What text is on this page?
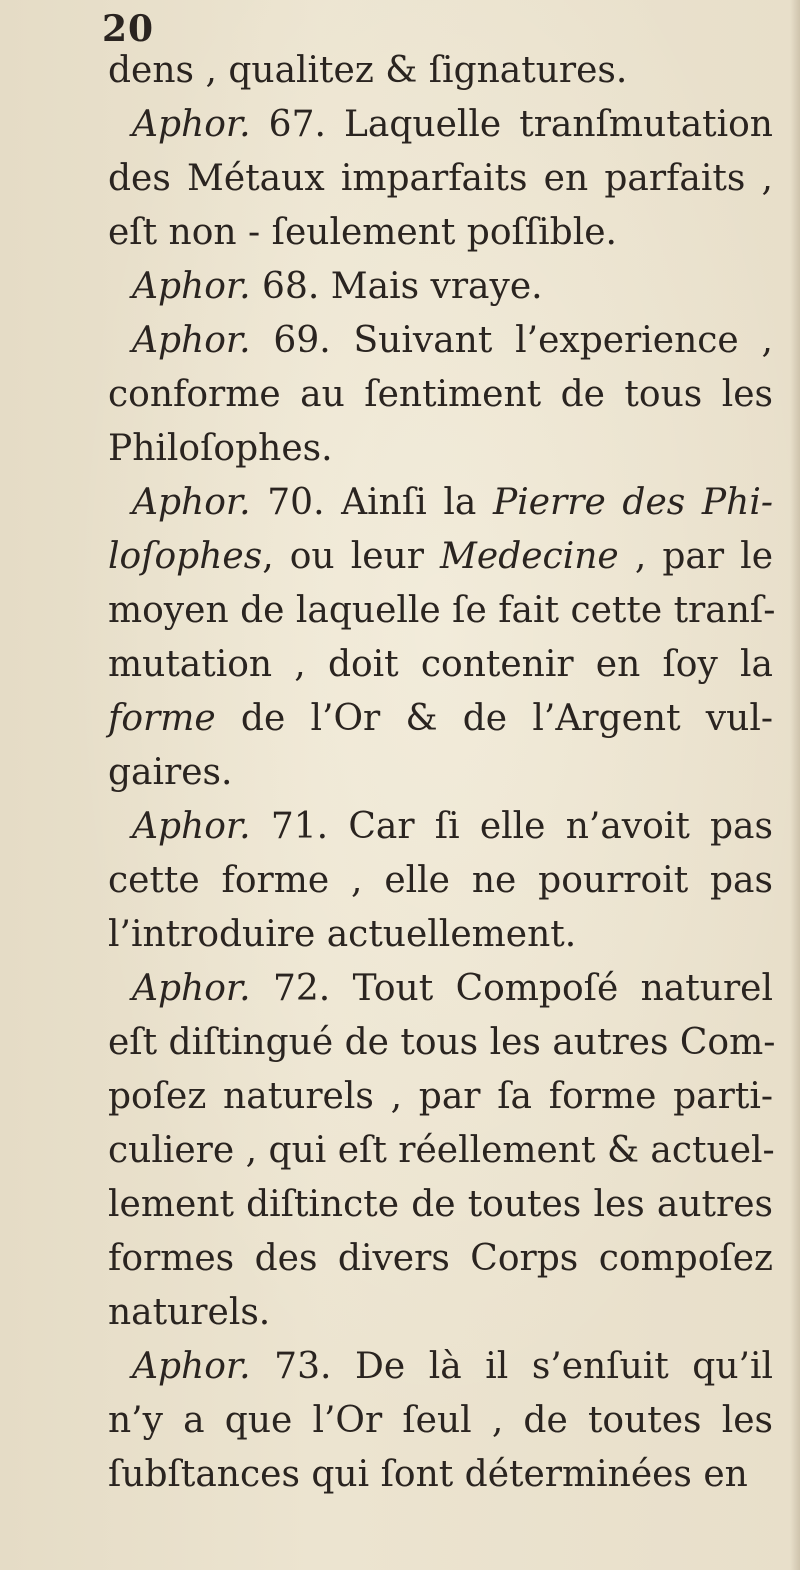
20
dens , qualitez & ſignatures.
Aphor. 67. Laquelle tranſmutation
des Métaux imparfaits en parfaits ,
eſt non - ſeulement poſſible.
Aphor. 68. Mais vraye.
Aphor. 69. Suivant l’experience ,
conforme au ſentiment de tous les
Philoſophes.
Aphor. 70. Ainſi la Pierre des Phi-
loſophes, ou leur Medecine , par le
moyen de laquelle ſe fait cette tranſ-
mutation , doit contenir en ſoy la
forme de l’Or & de l’Argent vul-
gaires.
Aphor. 71. Car ſi elle n’avoit pas
cette forme , elle ne pourroit pas
l’introduire actuellement.
Aphor. 72. Tout Compoſé naturel
eſt diſtingué de tous les autres Com-
poſez naturels , par ſa forme parti-
culiere , qui eſt réellement & actuel-
lement diſtincte de toutes les autres
formes des divers Corps compoſez
naturels.
Aphor. 73. De là il s’enſuit qu’il
n’y a que l’Or ſeul , de toutes les
ſubſtances qui ſont déterminées en
